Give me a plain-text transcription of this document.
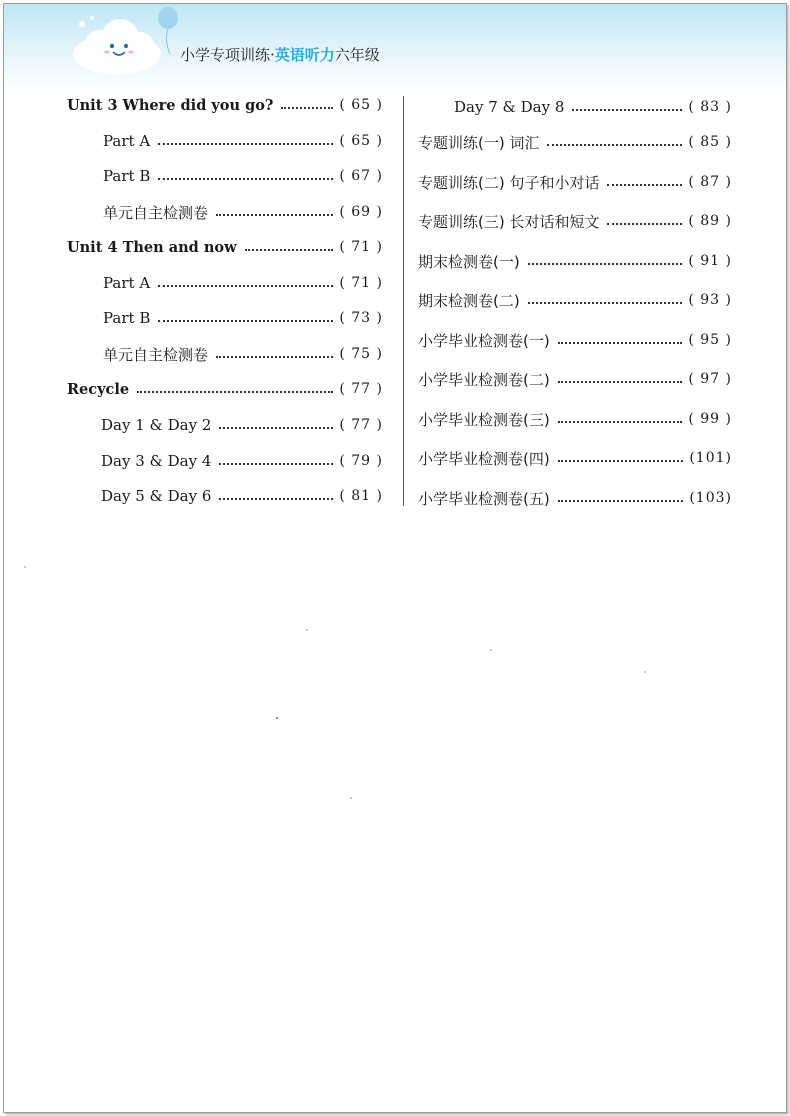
小学专项训练·英语听力六年级
Unit 3 Where did you go?	( 65 )
Part A	( 65 )
Part B	( 67 )
单元自主检测卷	( 69 )
Unit 4 Then and now	( 71 )
Part A	( 71 )
Part B	( 73 )
单元自主检测卷	( 75 )
Recycle	( 77 )
Day 1 & Day 2	( 77 )
Day 3 & Day 4	( 79 )
Day 5 & Day 6	( 81 )
Day 7 & Day 8	( 83 )
专题训练(一) 词汇	( 85 )
专题训练(二) 句子和小对话	( 87 )
专题训练(三) 长对话和短文	( 89 )
期末检测卷(一)	( 91 )
期末检测卷(二)	( 93 )
小学毕业检测卷(一)	( 95 )
小学毕业检测卷(二)	( 97 )
小学毕业检测卷(三)	( 99 )
小学毕业检测卷(四)	(101)
小学毕业检测卷(五)	(103)
